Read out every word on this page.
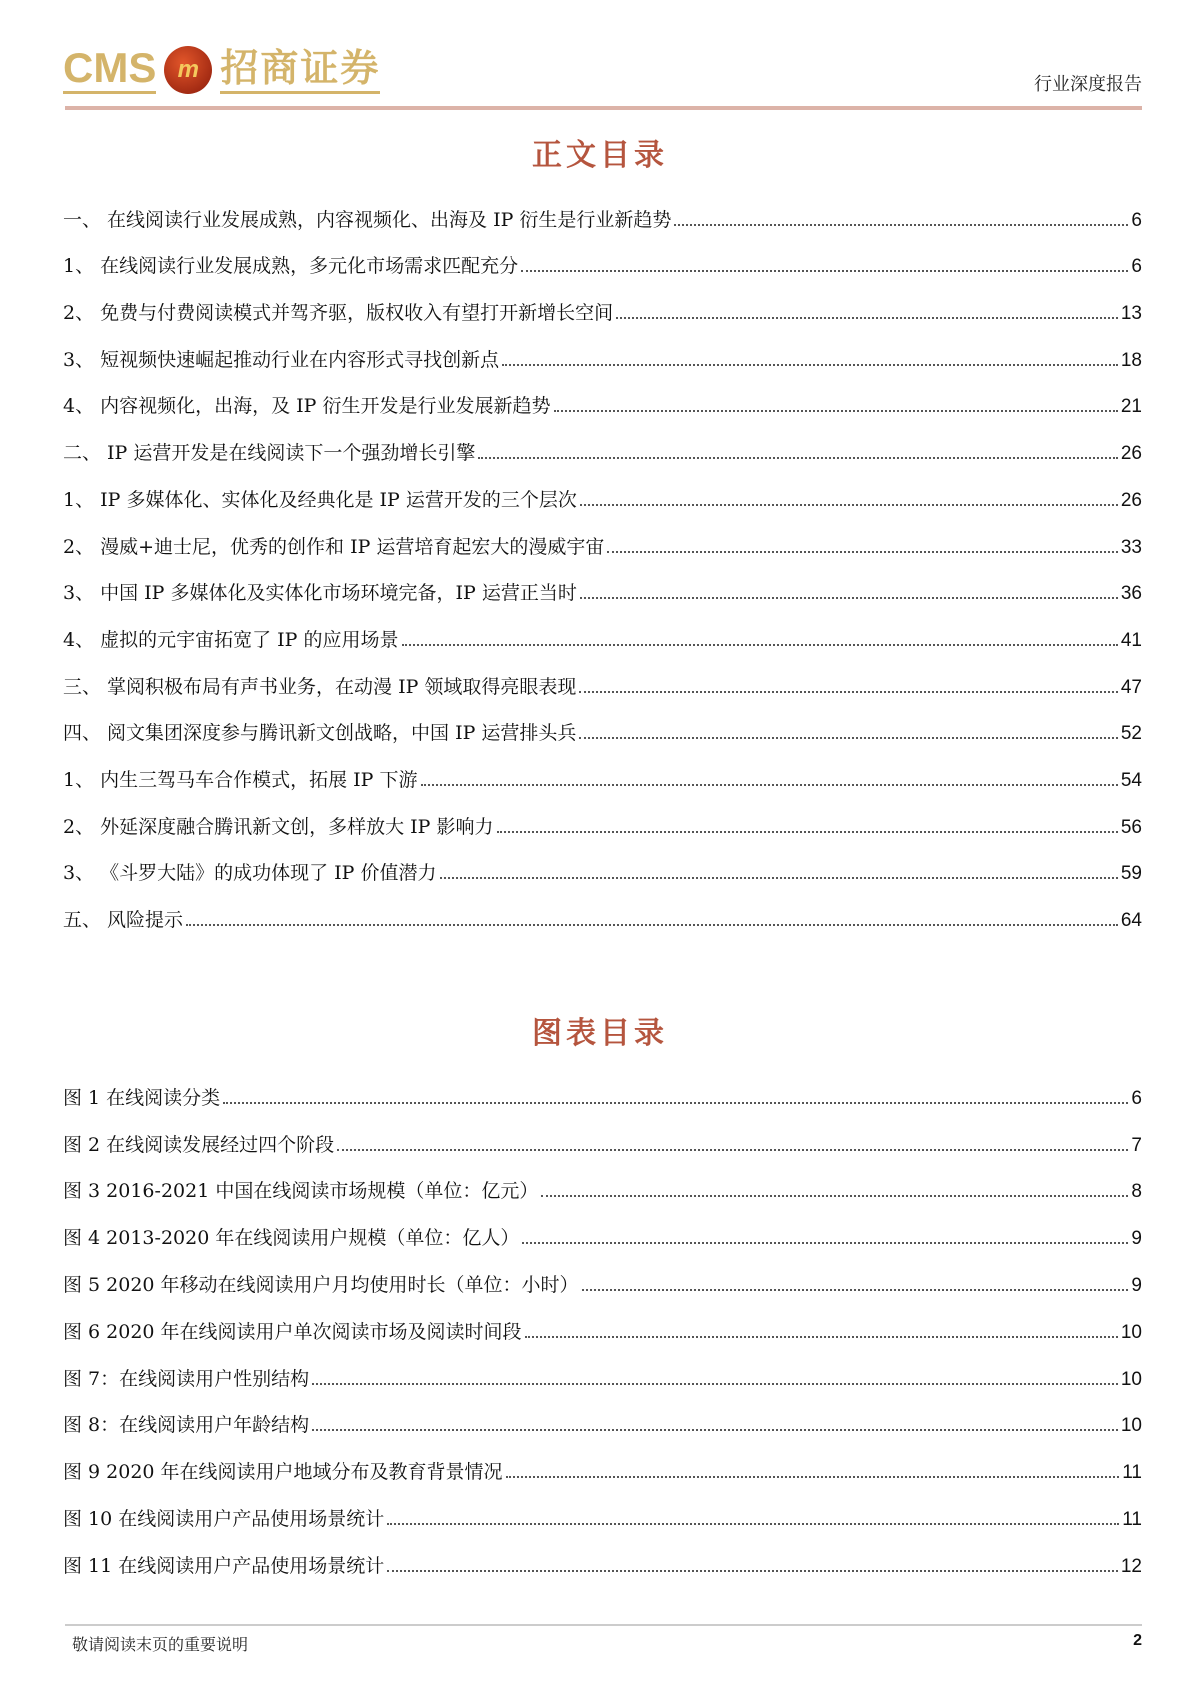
CMS m 招商证券	行业深度报告
正文目录
一、 在线阅读行业发展成熟，内容视频化、出海及 IP 衍生是行业新趋势	6
1、 在线阅读行业发展成熟，多元化市场需求匹配充分	6
2、 免费与付费阅读模式并驾齐驱，版权收入有望打开新增长空间	13
3、 短视频快速崛起推动行业在内容形式寻找创新点	18
4、 内容视频化，出海，及 IP 衍生开发是行业发展新趋势	21
二、 IP 运营开发是在线阅读下一个强劲增长引擎	26
1、 IP 多媒体化、实体化及经典化是 IP 运营开发的三个层次	26
2、 漫威+迪士尼，优秀的创作和 IP 运营培育起宏大的漫威宇宙	33
3、 中国 IP 多媒体化及实体化市场环境完备，IP 运营正当时	36
4、 虚拟的元宇宙拓宽了 IP 的应用场景	41
三、 掌阅积极布局有声书业务，在动漫 IP 领域取得亮眼表现	47
四、 阅文集团深度参与腾讯新文创战略，中国 IP 运营排头兵	52
1、 内生三驾马车合作模式，拓展 IP 下游	54
2、 外延深度融合腾讯新文创，多样放大 IP 影响力	56
3、 《斗罗大陆》的成功体现了 IP 价值潜力	59
五、 风险提示	64
图表目录
图 1 在线阅读分类	6
图 2 在线阅读发展经过四个阶段	7
图 3 2016-2021 中国在线阅读市场规模（单位：亿元）	8
图 4 2013-2020 年在线阅读用户规模（单位：亿人）	9
图 5 2020 年移动在线阅读用户月均使用时长（单位：小时）	9
图 6 2020 年在线阅读用户单次阅读市场及阅读时间段	10
图 7：在线阅读用户性别结构	10
图 8：在线阅读用户年龄结构	10
图 9 2020 年在线阅读用户地域分布及教育背景情况	11
图 10 在线阅读用户产品使用场景统计	11
图 11 在线阅读用户产品使用场景统计	12
敬请阅读末页的重要说明	2
